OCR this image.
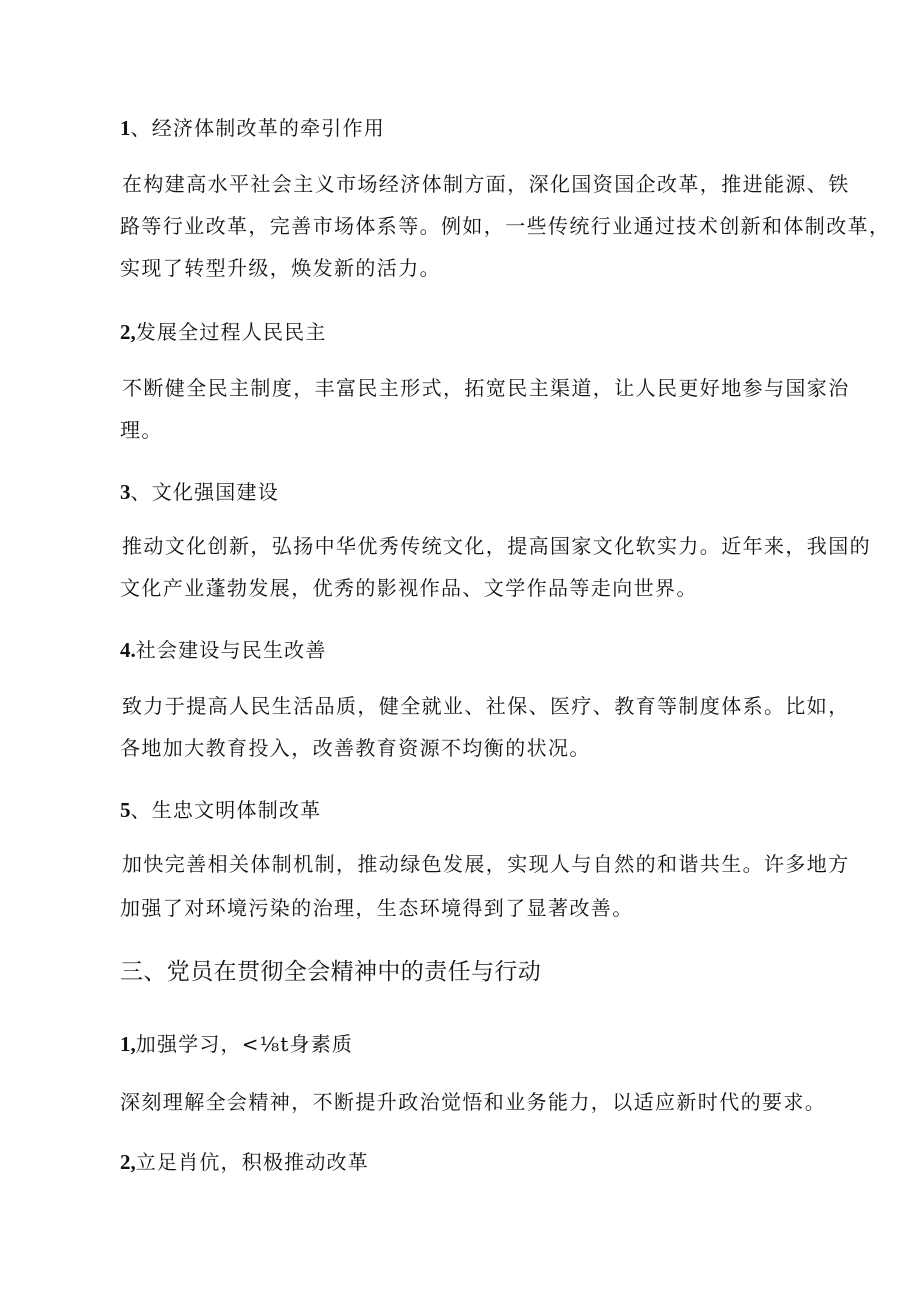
1、经济体制改革的牵引作用

在构建高水平社会主义市场经济体制方面，深化国资国企改革，推进能源、铁

路等行业改革，完善市场体系等。例如，一些传统行业通过技术创新和体制改革，

实现了转型升级，焕发新的活力。

2,发展全过程人民民主

不断健全民主制度，丰富民主形式，拓宽民主渠道，让人民更好地参与国家治

理。

3、文化强国建设

推动文化创新，弘扬中华优秀传统文化，提高国家文化软实力。近年来，我国的

文化产业蓬勃发展，优秀的影视作品、文学作品等走向世界。

4.社会建设与民生改善

致力于提高人民生活品质，健全就业、社保、医疗、教育等制度体系。比如，

各地加大教育投入，改善教育资源不均衡的状况。

5、生忠文明体制改革

加快完善相关体制机制，推动绿色发展，实现人与自然的和谐共生。许多地方

加强了对环境污染的治理，生态环境得到了显著改善。

三、党员在贯彻全会精神中的责任与行动

1,加强学习，<⅛t身素质

深刻理解全会精神，不断提升政治觉悟和业务能力，以适应新时代的要求。

2,立足肖伉，积极推动改革
